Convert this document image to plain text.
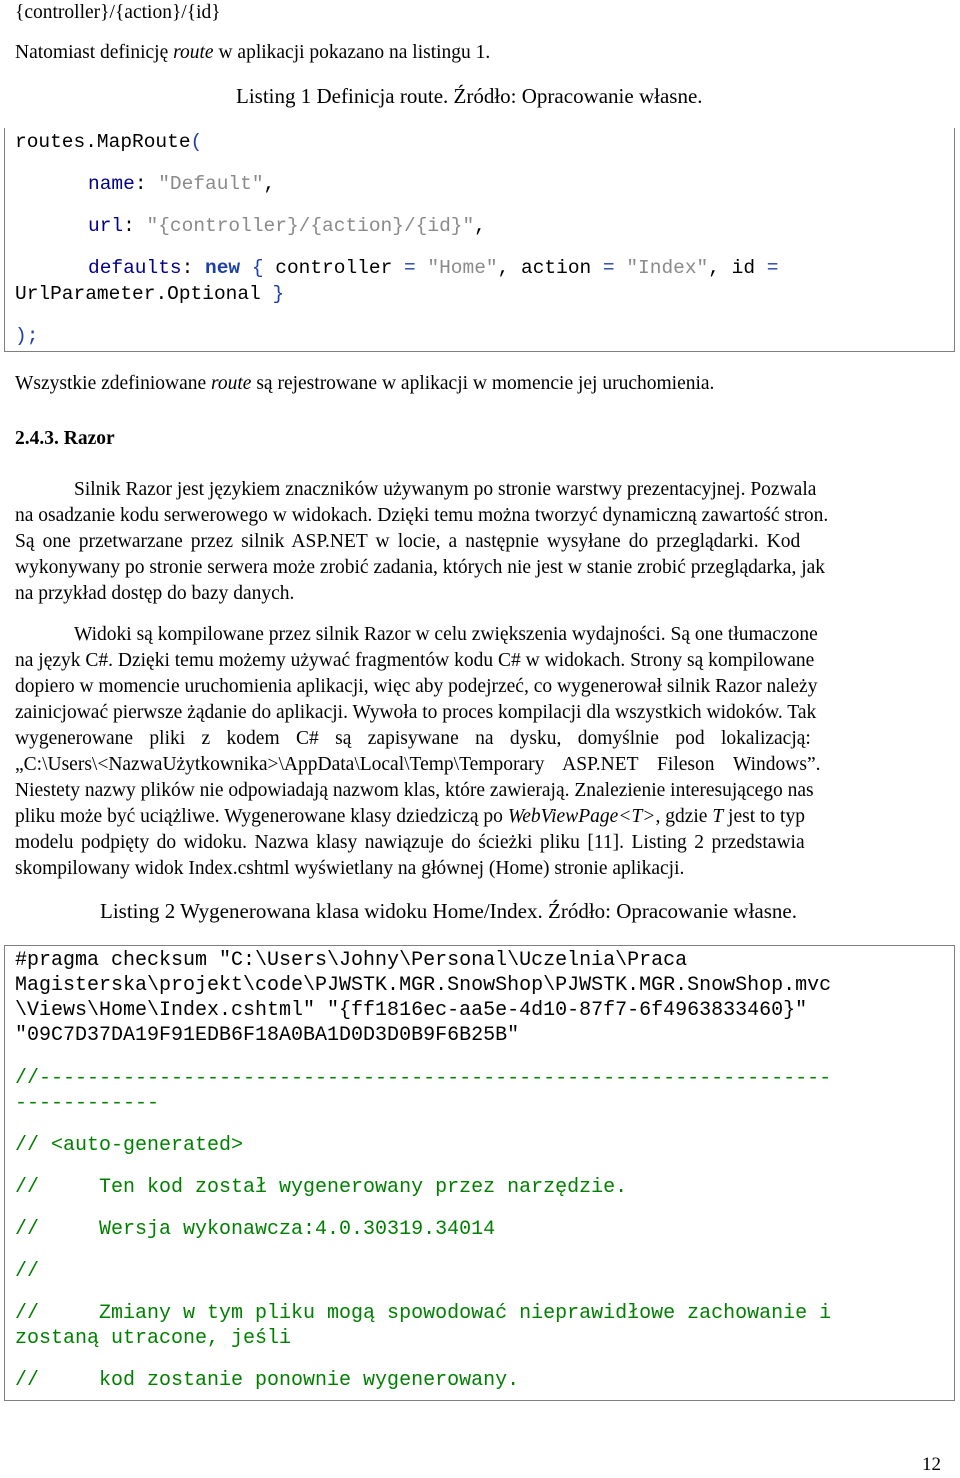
{controller}/{action}/{id}
Natomiast definicję route w aplikacji pokazano na listingu 1.
Listing 1 Definicja route. Źródło: Opracowanie własne.
routes.MapRoute(
name: "Default",
url: "{controller}/{action}/{id}",
defaults: new { controller = "Home", action = "Index", id =
UrlParameter.Optional }
);
Wszystkie zdefiniowane route są rejestrowane w aplikacji w momencie jej uruchomienia.
2.4.3. Razor
Silnik Razor jest językiem znaczników używanym po stronie warstwy prezentacyjnej. Pozwala
na osadzanie kodu serwerowego w widokach. Dzięki temu można tworzyć dynamiczną zawartość stron.
Są one przetwarzane przez silnik ASP.NET w locie, a następnie wysyłane do przeglądarki. Kod
wykonywany po stronie serwera może zrobić zadania, których nie jest w stanie zrobić przeglądarka, jak
na przykład dostęp do bazy danych.
Widoki są kompilowane przez silnik Razor w celu zwiększenia wydajności. Są one tłumaczone
na język C#. Dzięki temu możemy używać fragmentów kodu C# w widokach. Strony są kompilowane
dopiero w momencie uruchomienia aplikacji, więc aby podejrzeć, co wygenerował silnik Razor należy
zainicjować pierwsze żądanie do aplikacji. Wywoła to proces kompilacji dla wszystkich widoków. Tak
wygenerowane pliki z kodem C# są zapisywane na dysku, domyślnie pod lokalizacją:
„C:\Users\<NazwaUżytkownika>\AppData\Local\Temp\Temporary ASP.NET Fileson Windows”.
Niestety nazwy plików nie odpowiadają nazwom klas, które zawierają. Znalezienie interesującego nas
pliku może być uciążliwe. Wygenerowane klasy dziedziczą po WebViewPage<T>, gdzie T jest to typ
modelu podpięty do widoku. Nazwa klasy nawiązuje do ścieżki pliku [11]. Listing 2 przedstawia
skompilowany widok Index.cshtml wyświetlany na głównej (Home) stronie aplikacji.
Listing 2 Wygenerowana klasa widoku Home/Index. Źródło: Opracowanie własne.
#pragma checksum "C:\Users\Johny\Personal\Uczelnia\Praca
Magisterska\projekt\code\PJWSTK.MGR.SnowShop\PJWSTK.MGR.SnowShop.mvc
\Views\Home\Index.cshtml" "{ff1816ec-aa5e-4d10-87f7-6f4963833460}"
"09C7D37DA19F91EDB6F18A0BA1D0D3D0B9F6B25B"
//------------------------------------------------------------------
------------
// <auto-generated>
//     Ten kod został wygenerowany przez narzędzie.
//     Wersja wykonawcza:4.0.30319.34014
//
//     Zmiany w tym pliku mogą spowodować nieprawidłowe zachowanie i
zostaną utracone, jeśli
//     kod zostanie ponownie wygenerowany.
12
